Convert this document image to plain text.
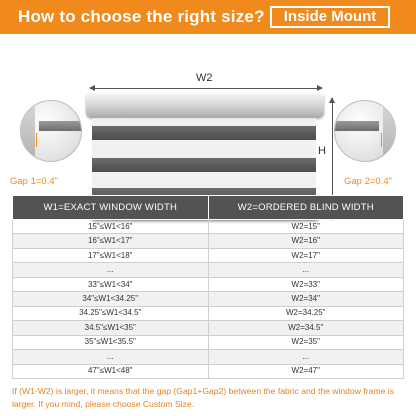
How to choose the right size?	Inside Mount
W2
H
Gap 1=0.4"	Gap 2=0.4"
W1=EXACT WINDOW WIDTH	W2=ORDERED BLIND WIDTH
15"≤W1<16"	W2=15"
16"≤W1<17"	W2=16"
17"≤W1<18"	W2=17"
...	...
33"≤W1<34"	W2=33"
34"≤W1<34.25"	W2=34"
34.25"≤W1<34.5"	W2=34.25"
34.5"≤W1<35"	W2=34.5"
35"≤W1<35.5"	W2=35"
...	...
47"≤W1<48"	W2=47"

If (W1-W2) is larger, it means that the gap (Gap1+Gap2) between the fabric and the window frame is larger. If you mind, please choose Custom Size.
